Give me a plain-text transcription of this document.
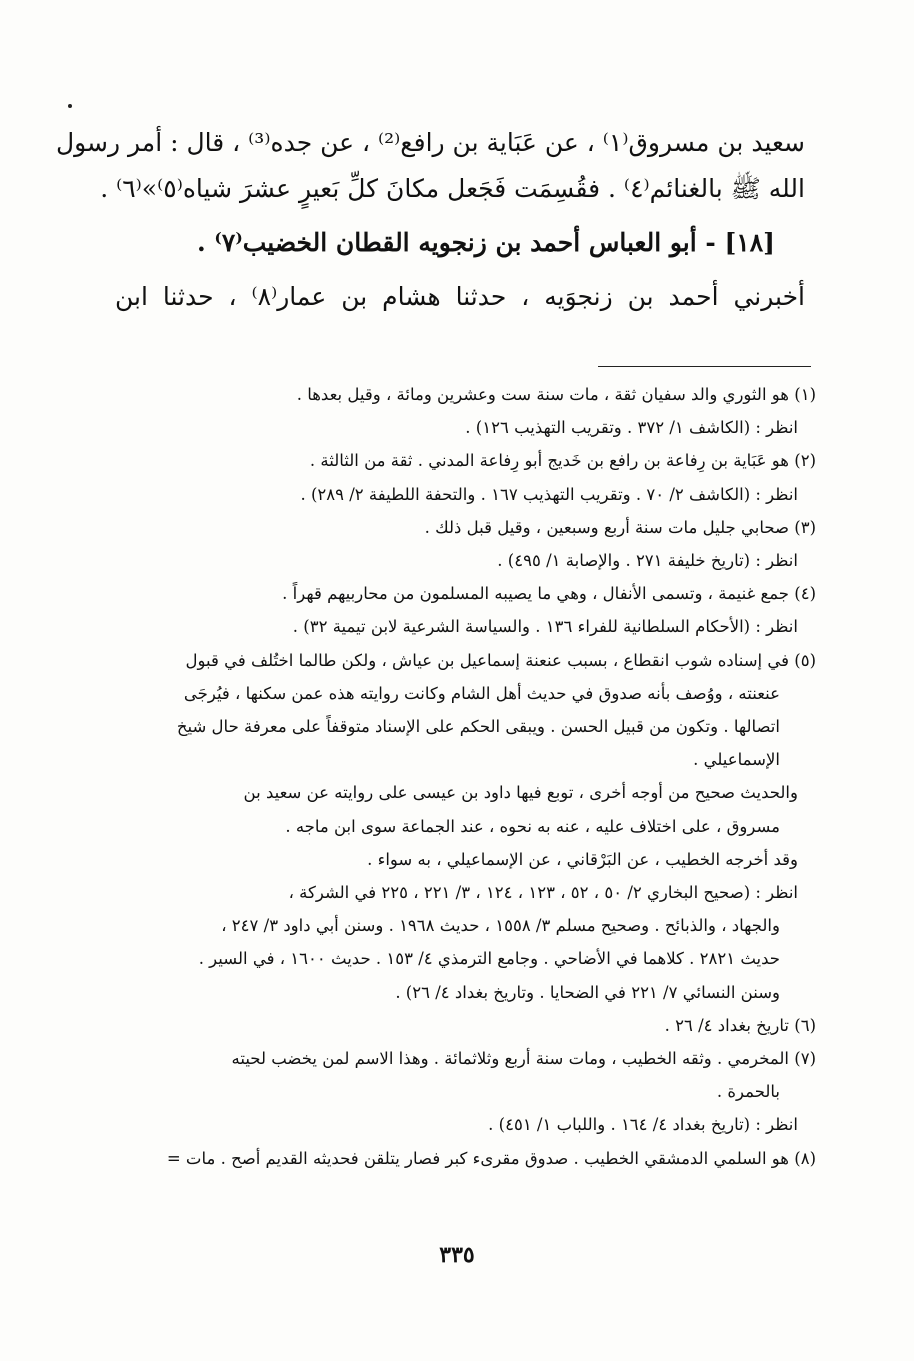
سعيد بن مسروق⁽١⁾ ، عن عَبَاية بن رافع⁽²⁾ ، عن جده⁽³⁾ ، قال : أمر رسول

الله ﷺ بالغنائم⁽٤⁾ . فقُسِمَت فَجَعل مكانَ كلِّ بَعيرٍ عشرَ شياه⁽٥⁾»⁽٦⁾ .

[١٨] - أبو العباس أحمد بن زنجويه القطان الخضيب⁽٧⁾ .

أخبرني أحمد بن زنجوَيه ، حدثنا هشام بن عمار⁽٨⁾ ، حدثنا ابن

(١) هو الثوري والد سفيان ثقة ، مات سنة ست وعشرين ومائة ، وقيل بعدها .
انظر : (الكاشف ١/ ٣٧٢ . وتقريب التهذيب ١٢٦) .
(٢) هو عَبَاية بن رِفاعة بن رافع بن خَديج أبو رِفاعة المدني . ثقة من الثالثة .
انظر : (الكاشف ٢/ ٧٠ . وتقريب التهذيب ١٦٧ . والتحفة اللطيفة ٢/ ٢٨٩) .
(٣) صحابي جليل مات سنة أربع وسبعين ، وقيل قبل ذلك .
انظر : (تاريخ خليفة ٢٧١ . والإصابة ١/ ٤٩٥) .
(٤) جمع غنيمة ، وتسمى الأنفال ، وهي ما يصيبه المسلمون من محاربيهم قهراً .
انظر : (الأحكام السلطانية للفراء ١٣٦ . والسياسة الشرعية لابن تيمية ٣٢) .
(٥) في إسناده شوب انقطاع ، بسبب عنعنة إسماعيل بن عياش ، ولكن طالما اختُلف في قبول
عنعنته ، ووُصف بأنه صدوق في حديث أهل الشام وكانت روايته هذه عمن سكنها ، فيُرجَى
اتصالها . وتكون من قبيل الحسن . ويبقى الحكم على الإسناد متوقفاً على معرفة حال شيخ
الإسماعيلي .
والحديث صحيح من أوجه أخرى ، توبع فيها داود بن عيسى على روايته عن سعيد بن
مسروق ، على اختلاف عليه ، عنه به نحوه ، عند الجماعة سوى ابن ماجه .
وقد أخرجه الخطيب ، عن البَرْقاني ، عن الإسماعيلي ، به سواء .
انظر : (صحيح البخاري ٢/ ٥٠ ، ٥٢ ، ١٢٣ ، ١٢٤ ، ٣/ ٢٢١ ، ٢٢٥ في الشركة ،
والجهاد ، والذبائح . وصحيح مسلم ٣/ ١٥٥٨ ، حديث ١٩٦٨ . وسنن أبي داود ٣/ ٢٤٧ ،
حديث ٢٨٢١ . كلاهما في الأضاحي . وجامع الترمذي ٤/ ١٥٣ . حديث ١٦٠٠ ، في السير .
وسنن النسائي ٧/ ٢٢١ في الضحايا . وتاريخ بغداد ٤/ ٢٦) .
(٦) تاريخ بغداد ٤/ ٢٦ .
(٧) المخرمي . وثقه الخطيب ، ومات سنة أربع وثلاثمائة . وهذا الاسم لمن يخضب لحيته
بالحمرة .
انظر : (تاريخ بغداد ٤/ ١٦٤ . واللباب ١/ ٤٥١) .
(٨) هو السلمي الدمشقي الخطيب . صدوق مقرىء كبر فصار يتلقن فحديثه القديم أصح . مات =
٣٣٥
